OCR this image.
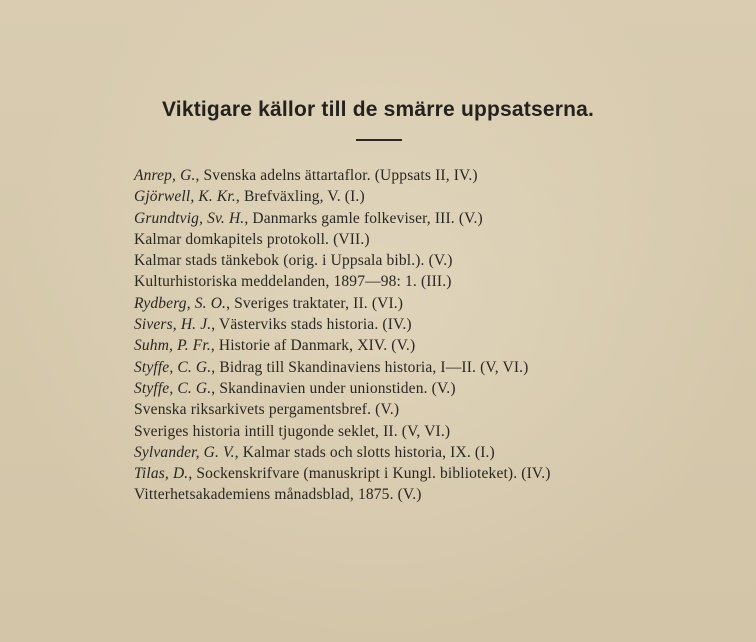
Viktigare källor till de smärre uppsatserna.
Anrep, G., Svenska adelns ättartaflor. (Uppsats II, IV.)
Gjörwell, K. Kr., Brefväxling, V. (I.)
Grundtvig, Sv. H., Danmarks gamle folkeviser, III. (V.)
Kalmar domkapitels protokoll. (VII.)
Kalmar stads tänkebok (orig. i Uppsala bibl.). (V.)
Kulturhistoriska meddelanden, 1897—98: 1. (III.)
Rydberg, S. O., Sveriges traktater, II. (VI.)
Sivers, H. J., Västerviks stads historia. (IV.)
Suhm, P. Fr., Historie af Danmark, XIV. (V.)
Styffe, C. G., Bidrag till Skandinaviens historia, I—II. (V, VI.)
Styffe, C. G., Skandinavien under unionstiden. (V.)
Svenska riksarkivets pergamentsbref. (V.)
Sveriges historia intill tjugonde seklet, II. (V, VI.)
Sylvander, G. V., Kalmar stads och slotts historia, IX. (I.)
Tilas, D., Sockenskrifvare (manuskript i Kungl. biblioteket). (IV.)
Vitterhetsakademiens månadsblad, 1875. (V.)
